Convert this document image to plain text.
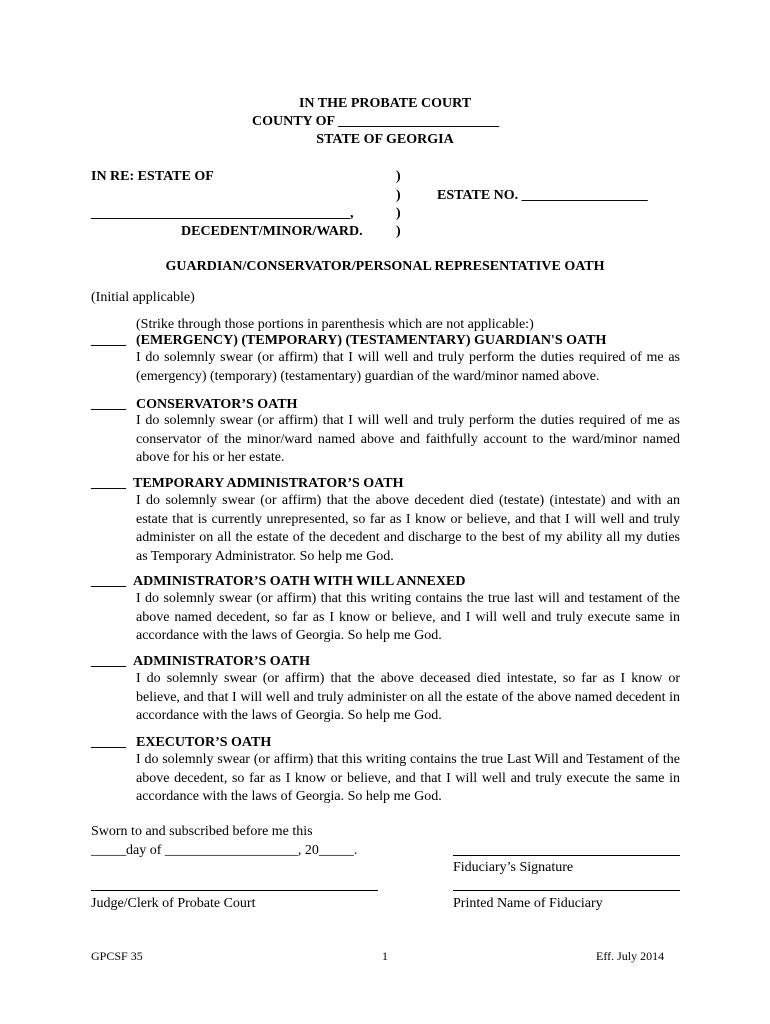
IN THE PROBATE COURT
COUNTY OF _______________________
STATE OF GEORGIA
IN RE: ESTATE OF	)
)	ESTATE NO. __________________
_____________________________________,	)
DECEDENT/MINOR/WARD. )
GUARDIAN/CONSERVATOR/PERSONAL REPRESENTATIVE OATH
(Initial applicable)
(Strike through those portions in parenthesis which are not applicable:)
_____ (EMERGENCY) (TEMPORARY) (TESTAMENTARY) GUARDIAN'S OATH
I do solemnly swear (or affirm) that I will well and truly perform the duties required of me as (emergency) (temporary) (testamentary) guardian of the ward/minor named above.
_____ CONSERVATOR’S OATH
I do solemnly swear (or affirm) that I will well and truly perform the duties required of me as conservator of the minor/ward named above and faithfully account to the ward/minor named above for his or her estate.
_____ TEMPORARY ADMINISTRATOR’S OATH
I do solemnly swear (or affirm) that the above decedent died (testate) (intestate) and with an estate that is currently unrepresented, so far as I know or believe, and that I will well and truly administer on all the estate of the decedent and discharge to the best of my ability all my duties as Temporary Administrator. So help me God.
_____ ADMINISTRATOR’S OATH WITH WILL ANNEXED
I do solemnly swear (or affirm) that this writing contains the true last will and testament of the above named decedent, so far as I know or believe, and I will well and truly execute same in accordance with the laws of Georgia. So help me God.
_____ ADMINISTRATOR’S OATH
I do solemnly swear (or affirm) that the above deceased died intestate, so far as I know or believe, and that I will well and truly administer on all the estate of the above named decedent in accordance with the laws of Georgia. So help me God.
_____ EXECUTOR’S OATH
I do solemnly swear (or affirm) that this writing contains the true Last Will and Testament of the above decedent, so far as I know or believe, and that I will well and truly execute the same in accordance with the laws of Georgia. So help me God.
Sworn to and subscribed before me this
_____day of ___________________, 20_____.
Fiduciary’s Signature
Judge/Clerk of Probate Court	Printed Name of Fiduciary
GPCSF 35	1	Eff. July 2014
